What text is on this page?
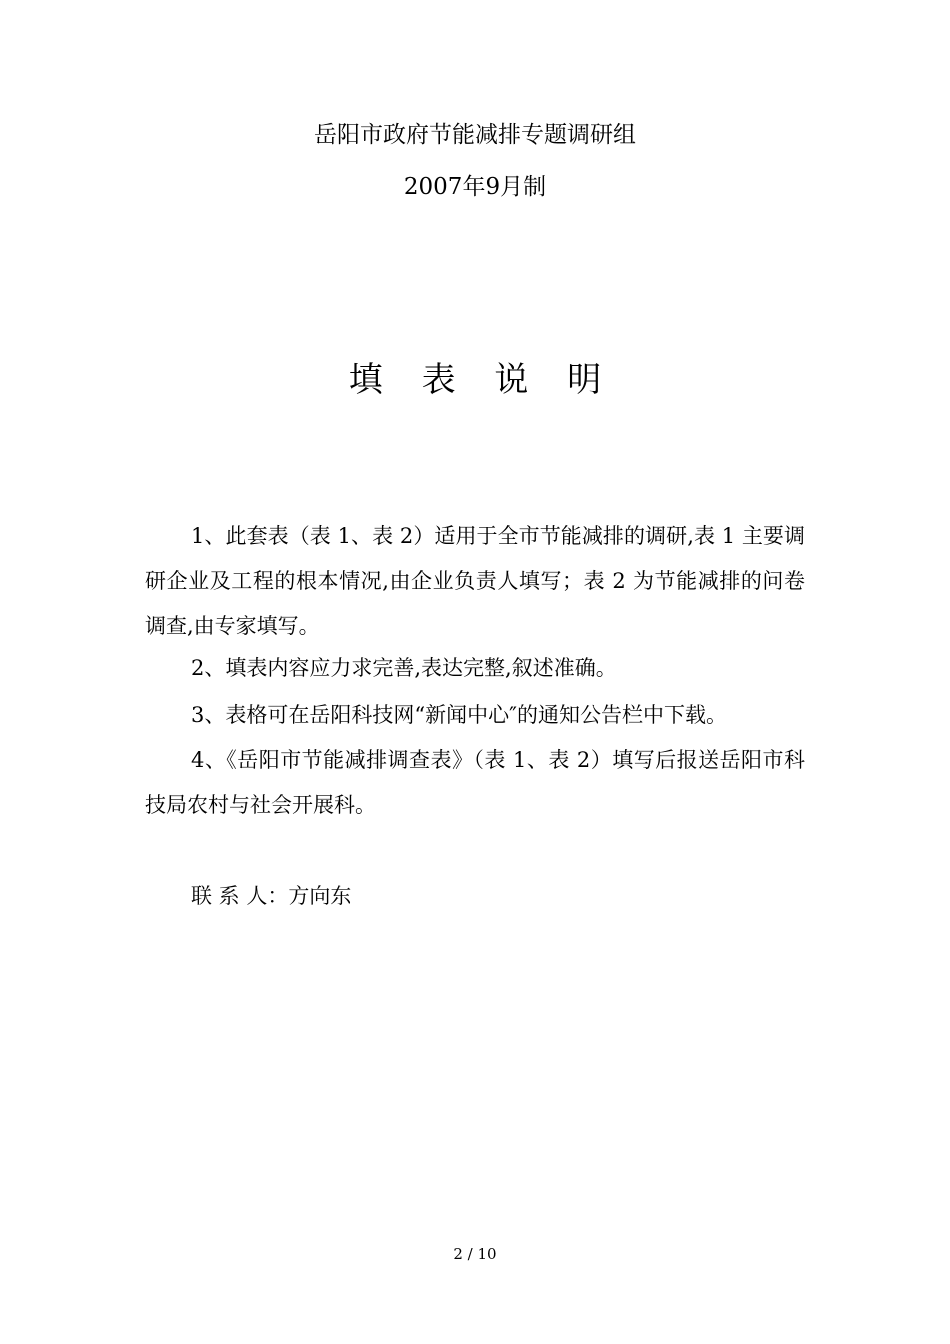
岳阳市政府节能减排专题调研组
2007年9月制
填 表 说 明

1、此套表（表 1、表 2）适用于全市节能减排的调研,表 1 主要调研企业及工程的根本情况,由企业负责人填写；表 2 为节能减排的问卷调查,由专家填写。

2、填表内容应力求完善,表达完整,叙述准确。

3、表格可在岳阳科技网“新闻中心″的通知公告栏中下载。

4、《岳阳市节能减排调查表》（表 1、表 2）填写后报送岳阳市科技局农村与社会开展科。

联 系 人：方向东
2 / 10
